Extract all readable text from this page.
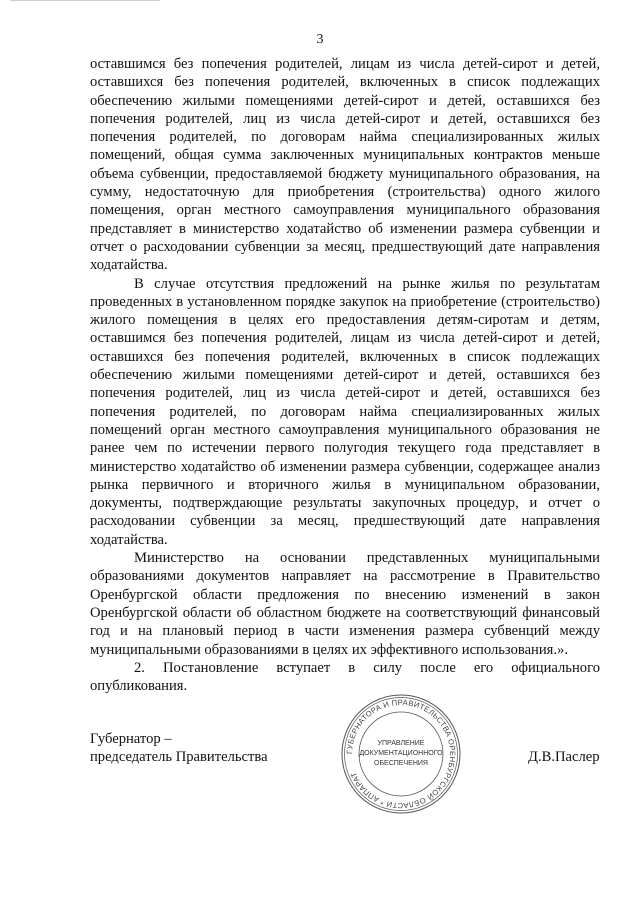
3

оставшимся без попечения родителей, лицам из числа детей-сирот и детей, оставшихся без попечения родителей, включенных в список подлежащих обеспечению жилыми помещениями детей-сирот и детей, оставшихся без попечения родителей, лиц из числа детей-сирот и детей, оставшихся без попечения родителей, по договорам найма специализированных жилых помещений, общая сумма заключенных муниципальных контрактов меньше объема субвенции, предоставляемой бюджету муниципального образования, на сумму, недостаточную для приобретения (строительства) одного жилого помещения, орган местного самоуправления муниципального образования представляет в министерство ходатайство об изменении размера субвенции и отчет о расходовании субвенции за месяц, предшествующий дате направления ходатайства.

В случае отсутствия предложений на рынке жилья по результатам проведенных в установленном порядке закупок на приобретение (строительство) жилого помещения в целях его предоставления детям-сиротам и детям, оставшимся без попечения родителей, лицам из числа детей-сирот и детей, оставшихся без попечения родителей, включенных в список подлежащих обеспечению жилыми помещениями детей-сирот и детей, оставшихся без попечения родителей, лиц из числа детей-сирот и детей, оставшихся без попечения родителей, по договорам найма специализированных жилых помещений орган местного самоуправления муниципального образования не ранее чем по истечении первого полугодия текущего года представляет в министерство ходатайство об изменении размера субвенции, содержащее анализ рынка первичного и вторичного жилья в муниципальном образовании, документы, подтверждающие результаты закупочных процедур, и отчет о расходовании субвенции за месяц, предшествующий дате направления ходатайства.

Министерство на основании представленных муниципальными образованиями документов направляет на рассмотрение в Правительство Оренбургской области предложения по внесению изменений в закон Оренбургской области об областном бюджете на соответствующий финансовый год и на плановый период в части изменения размера субвенций между муниципальными образованиями в целях их эффективного использования.».

2. Постановление вступает в силу после его официального опубликования.

Губернатор –
председатель Правительства	ГУБЕРНАТОРА И ПРАВИТЕЛЬСТВА ОРЕНБУРГСКОЙ ОБЛАСТИ * АППАРАТ
УПРАВЛЕНИЕ
ДОКУМЕНТАЦИОННОГО
ОБЕСПЕЧЕНИЯ	Д.В.Паслер
